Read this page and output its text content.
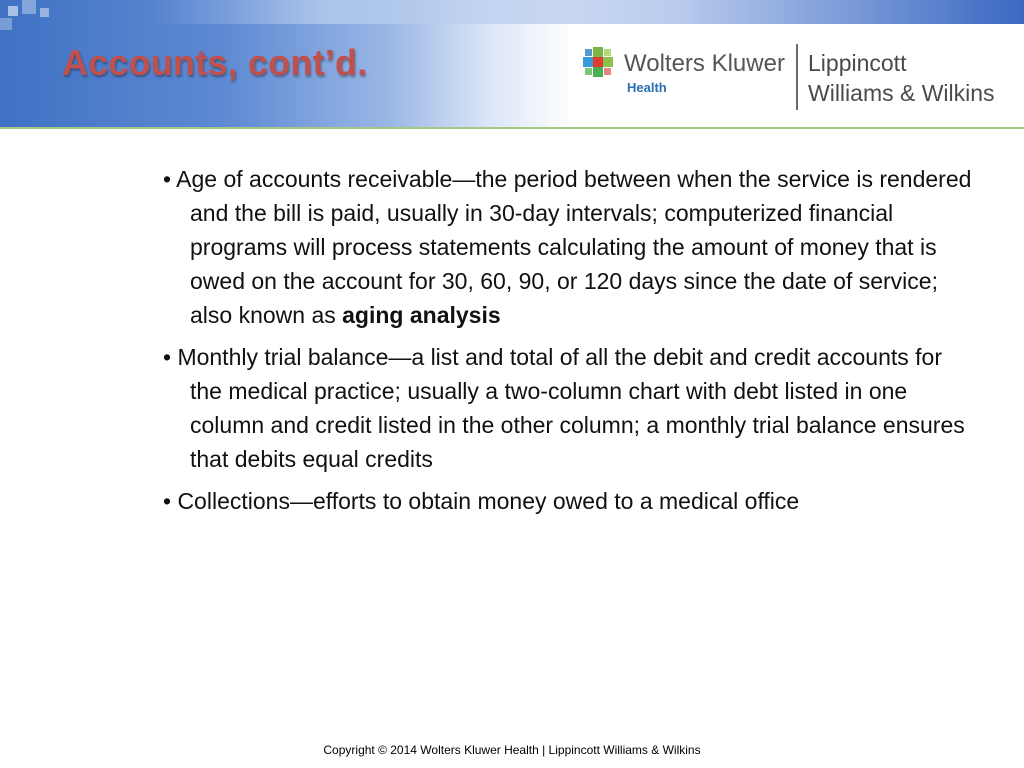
Accounts, cont’d.	Wolters Kluwer
Health
Lippincott
Williams & Wilkins
• Age of accounts receivable—the period between when the service is rendered and the bill is paid, usually in 30-day intervals; computerized financial programs will process statements calculating the amount of money that is owed on the account for 30, 60, 90, or 120 days since the date of service; also known as aging analysis
• Monthly trial balance—a list and total of all the debit and credit accounts for the medical practice; usually a two-column chart with debt listed in one column and credit listed in the other column; a monthly trial balance ensures that debits equal credits
• Collections—efforts to obtain money owed to a medical office
Copyright © 2014 Wolters Kluwer Health | Lippincott Williams & Wilkins
